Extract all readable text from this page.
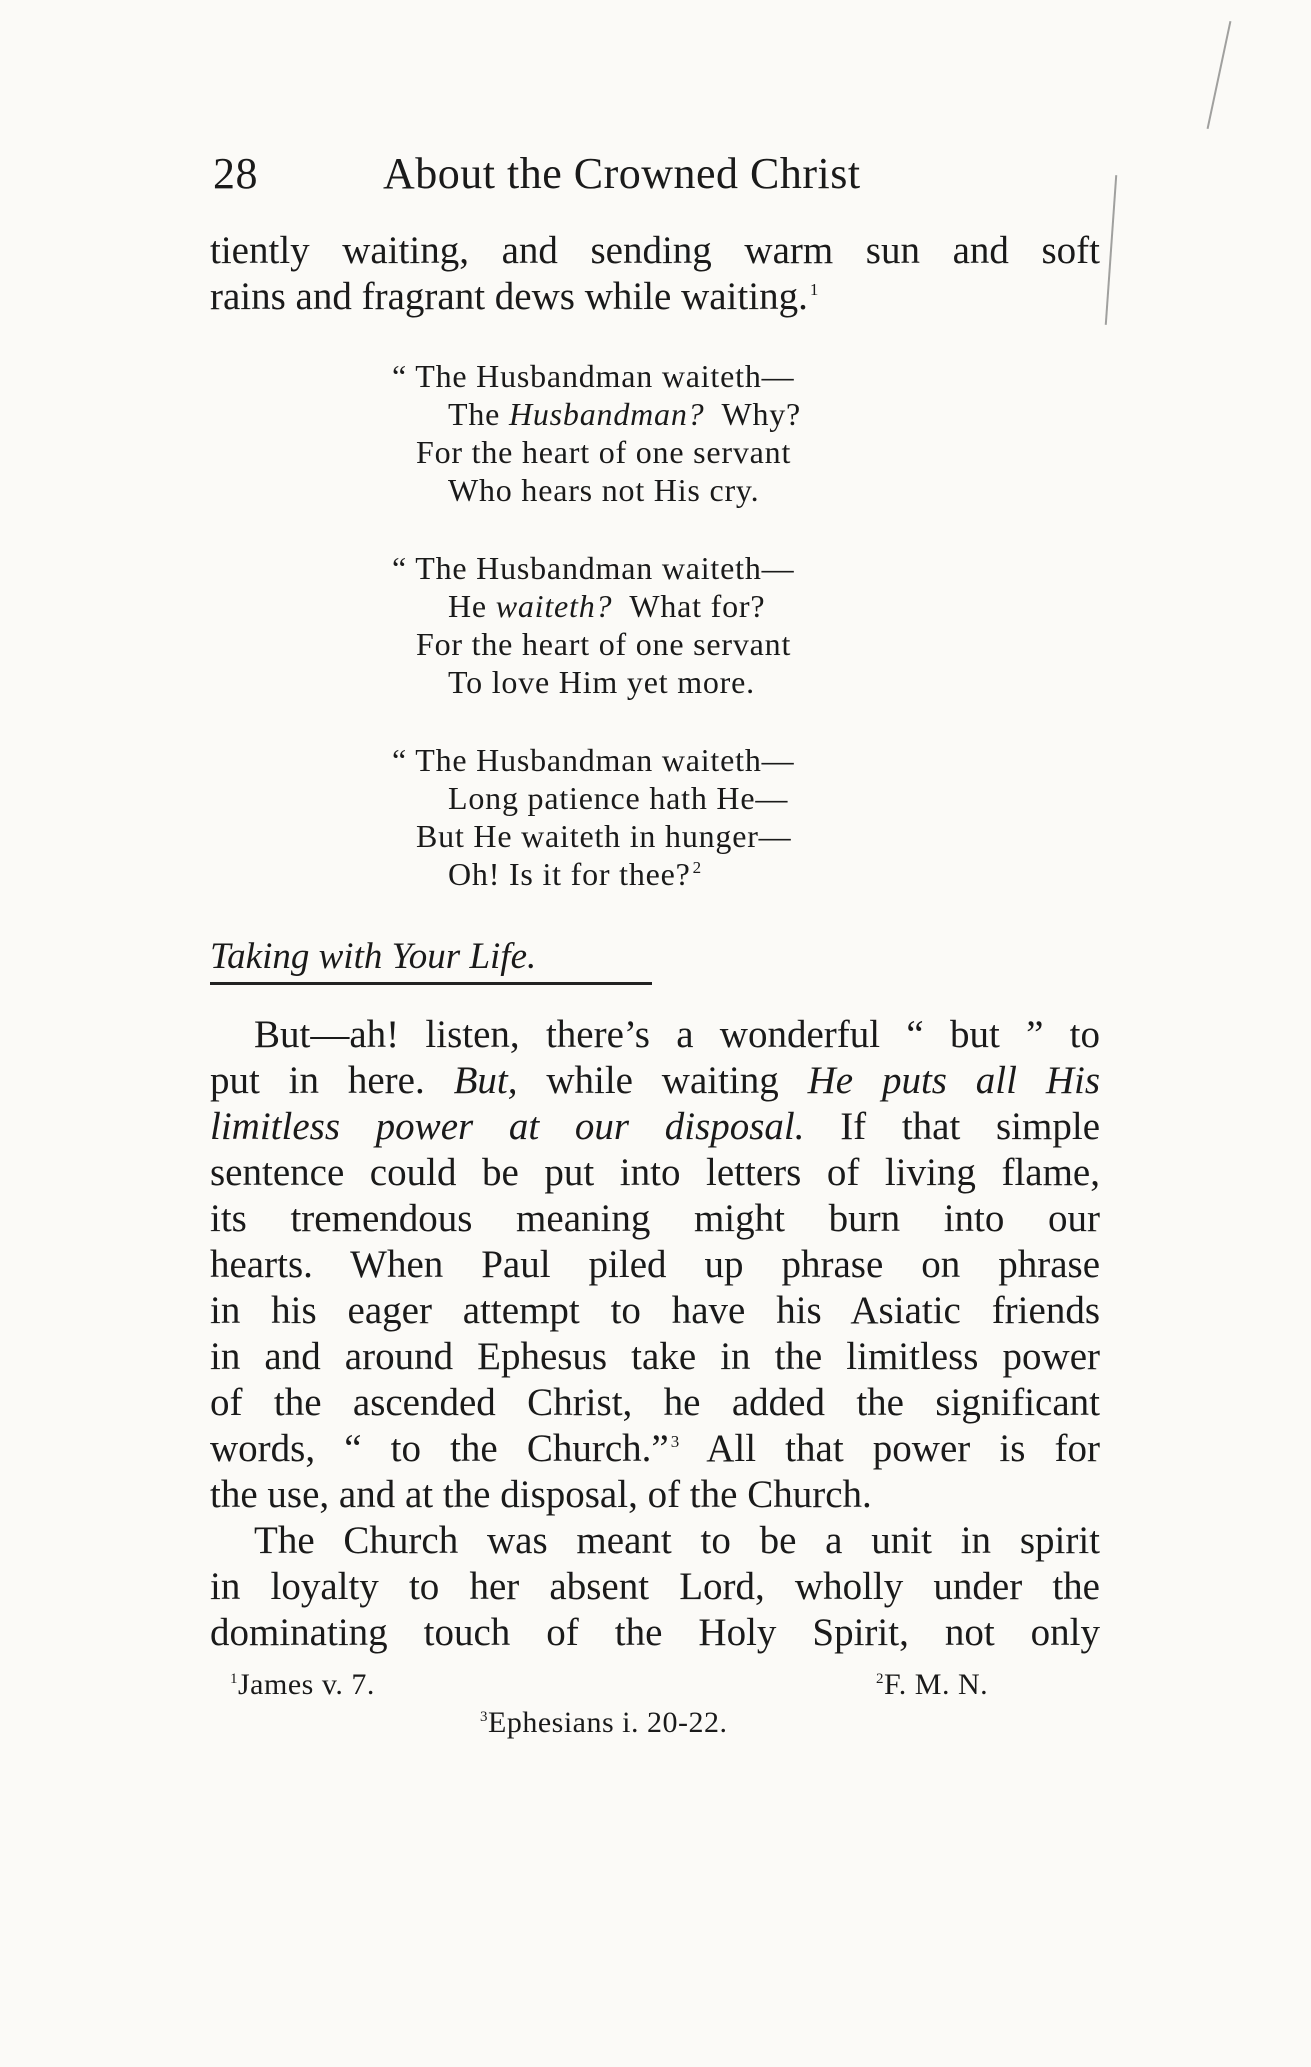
28	About the Crowned Christ
tiently waiting, and sending warm sun and soft
rains and fragrant dews while waiting. $^1$
“ The Husbandman waiteth—
The Husbandman?  Why?
For the heart of one servant
Who hears not His cry.
“ The Husbandman waiteth—
He waiteth?  What for?
For the heart of one servant
To love Him yet more.
“ The Husbandman waiteth—
Long patience hath He—
But He waiteth in hunger—
Oh! Is it for thee? $^2$
Taking with Your Life.
But—ah! listen, there’s a wonderful “ but ” to
put in here. But, while waiting He puts all His
limitless power at our disposal. If that simple
sentence could be put into letters of living flame,
its tremendous meaning might burn into our
hearts. When Paul piled up phrase on phrase
in his eager attempt to have his Asiatic friends
in and around Ephesus take in the limitless power
of the ascended Christ, he added the significant
words, “ to the Church.” $^3$ All that power is for
the use, and at the disposal, of the Church.
The Church was meant to be a unit in spirit
in loyalty to her absent Lord, wholly under the
dominating touch of the Holy Spirit, not only
$^1$James v. 7.	$^2$F. M. N.
$^3$Ephesians i. 20-22.
